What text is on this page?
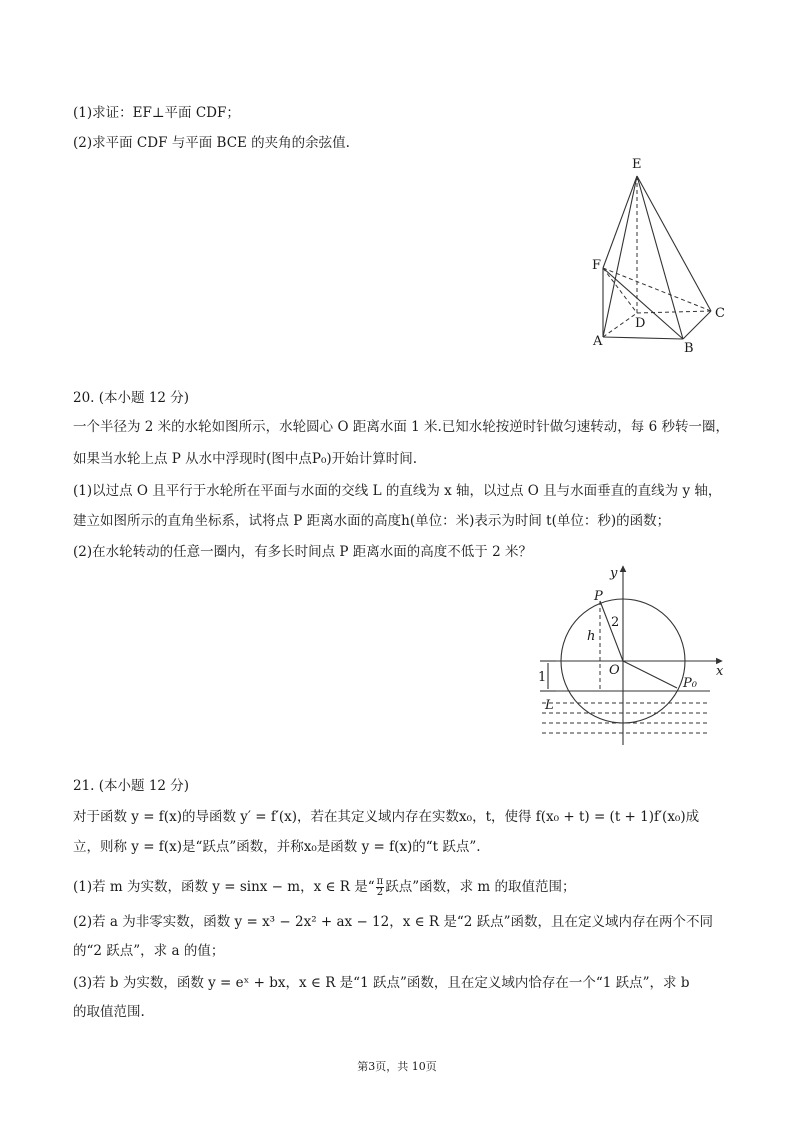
(1)求证：EF⊥平面 CDF；
(2)求平面 CDF 与平面 BCE 的夹角的余弦值.
E
F
C
D
A	B
20. (本小题 12 分)
一个半径为 2 米的水轮如图所示，水轮圆心 O 距离水面 1 米.已知水轮按逆时针做匀速转动，每 6 秒转一圈，
如果当水轮上点 P 从水中浮现时(图中点P₀)开始计算时间.
(1)以过点 O 且平行于水轮所在平面与水面的交线 L 的直线为 x 轴，以过点 O 且与水面垂直的直线为 y 轴，
建立如图所示的直角坐标系，试将点 P 距离水面的高度h(单位：米)表示为时间 t(单位：秒)的函数；
(2)在水轮转动的任意一圈内，有多长时间点 P 距离水面的高度不低于 2 米？
y
x
P
h
2
O
1	P₀
L
21. (本小题 12 分)
对于函数 y = f(x)的导函数 y′ = f′(x)，若在其定义域内存在实数x₀，t，使得 f(x₀ + t) = (t + 1)f′(x₀)成
立，则称 y = f(x)是“跃点”函数，并称x₀是函数 y = f(x)的“t 跃点”.
(1)若 m 为实数，函数 y = sinx − m，x ∈ R 是“ $\frac{\pi}{2}$ 跃点”函数，求 m 的取值范围；
(2)若 a 为非零实数，函数 y = x³ − 2x² + ax − 12，x ∈ R 是“2 跃点”函数，且在定义域内存在两个不同
的“2 跃点”，求 a 的值；
(3)若 b 为实数，函数 y = eˣ + bx，x ∈ R 是“1 跃点”函数，且在定义域内恰存在一个“1 跃点”，求 b
的取值范围.
第3页，共 10页
